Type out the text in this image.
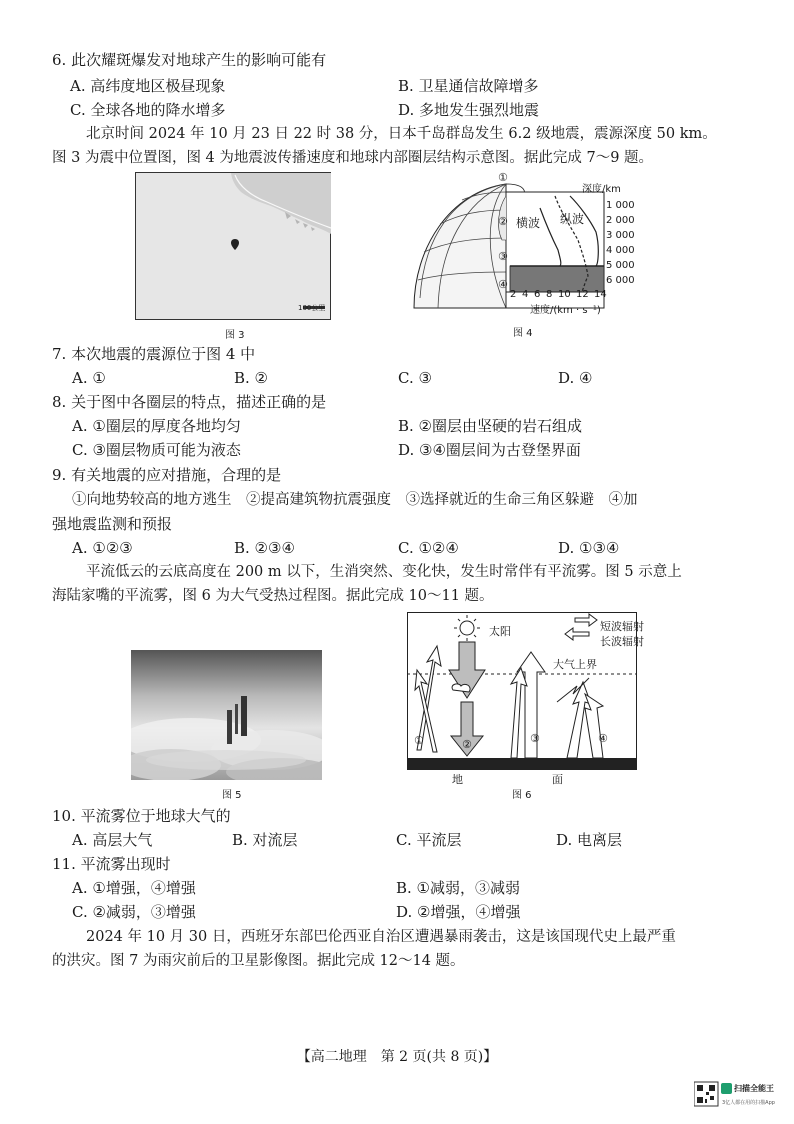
6. 此次耀斑爆发对地球产生的影响可能有
A. 高纬度地区极昼现象	B. 卫星通信故障增多
C. 全球各地的降水增多	D. 多地发生强烈地震
北京时间 2024 年 10 月 23 日 22 时 38 分，日本千岛群岛发生 6.2 级地震，震源深度 50 km。
图 3 为震中位置图，图 4 为地震波传播速度和地球内部圈层结构示意图。据此完成 7～9 题。
100公里
图 3
①
②
③
④
横波 纵波
深度/km
1 000
2 000
3 000
4 000
5 000
6 000
2 4 6 8 10 12 14
速度/(km · s⁻¹)
图 4
7. 本次地震的震源位于图 4 中
A. ①	B. ②	C. ③	D. ④
8. 关于图中各圈层的特点，描述正确的是
A. ①圈层的厚度各地均匀	B. ②圈层由坚硬的岩石组成
C. ③圈层物质可能为液态	D. ③④圈层间为古登堡界面
9. 有关地震的应对措施，合理的是
①向地势较高的地方逃生　②提高建筑物抗震强度　③选择就近的生命三角区躲避　④加
强地震监测和预报
A. ①②③	B. ②③④	C. ①②④	D. ①③④
平流低云的云底高度在 200 m 以下，生消突然、变化快，发生时常伴有平流雾。图 5 示意上
海陆家嘴的平流雾，图 6 为大气受热过程图。据此完成 10～11 题。
图 5
太阳	短波辐射
长波辐射
大气上界
①	②	③	④
地	面
图 6
10. 平流雾位于地球大气的
A. 高层大气	B. 对流层	C. 平流层	D. 电离层
11. 平流雾出现时
A. ①增强，④增强	B. ①减弱，③减弱
C. ②减弱，③增强	D. ②增强，④增强
2024 年 10 月 30 日，西班牙东部巴伦西亚自治区遭遇暴雨袭击，这是该国现代史上最严重
的洪灾。图 7 为雨灾前后的卫星影像图。据此完成 12～14 题。
【高二地理　第 2 页(共 8 页)】
扫描全能王
3亿人都在用的扫描App
